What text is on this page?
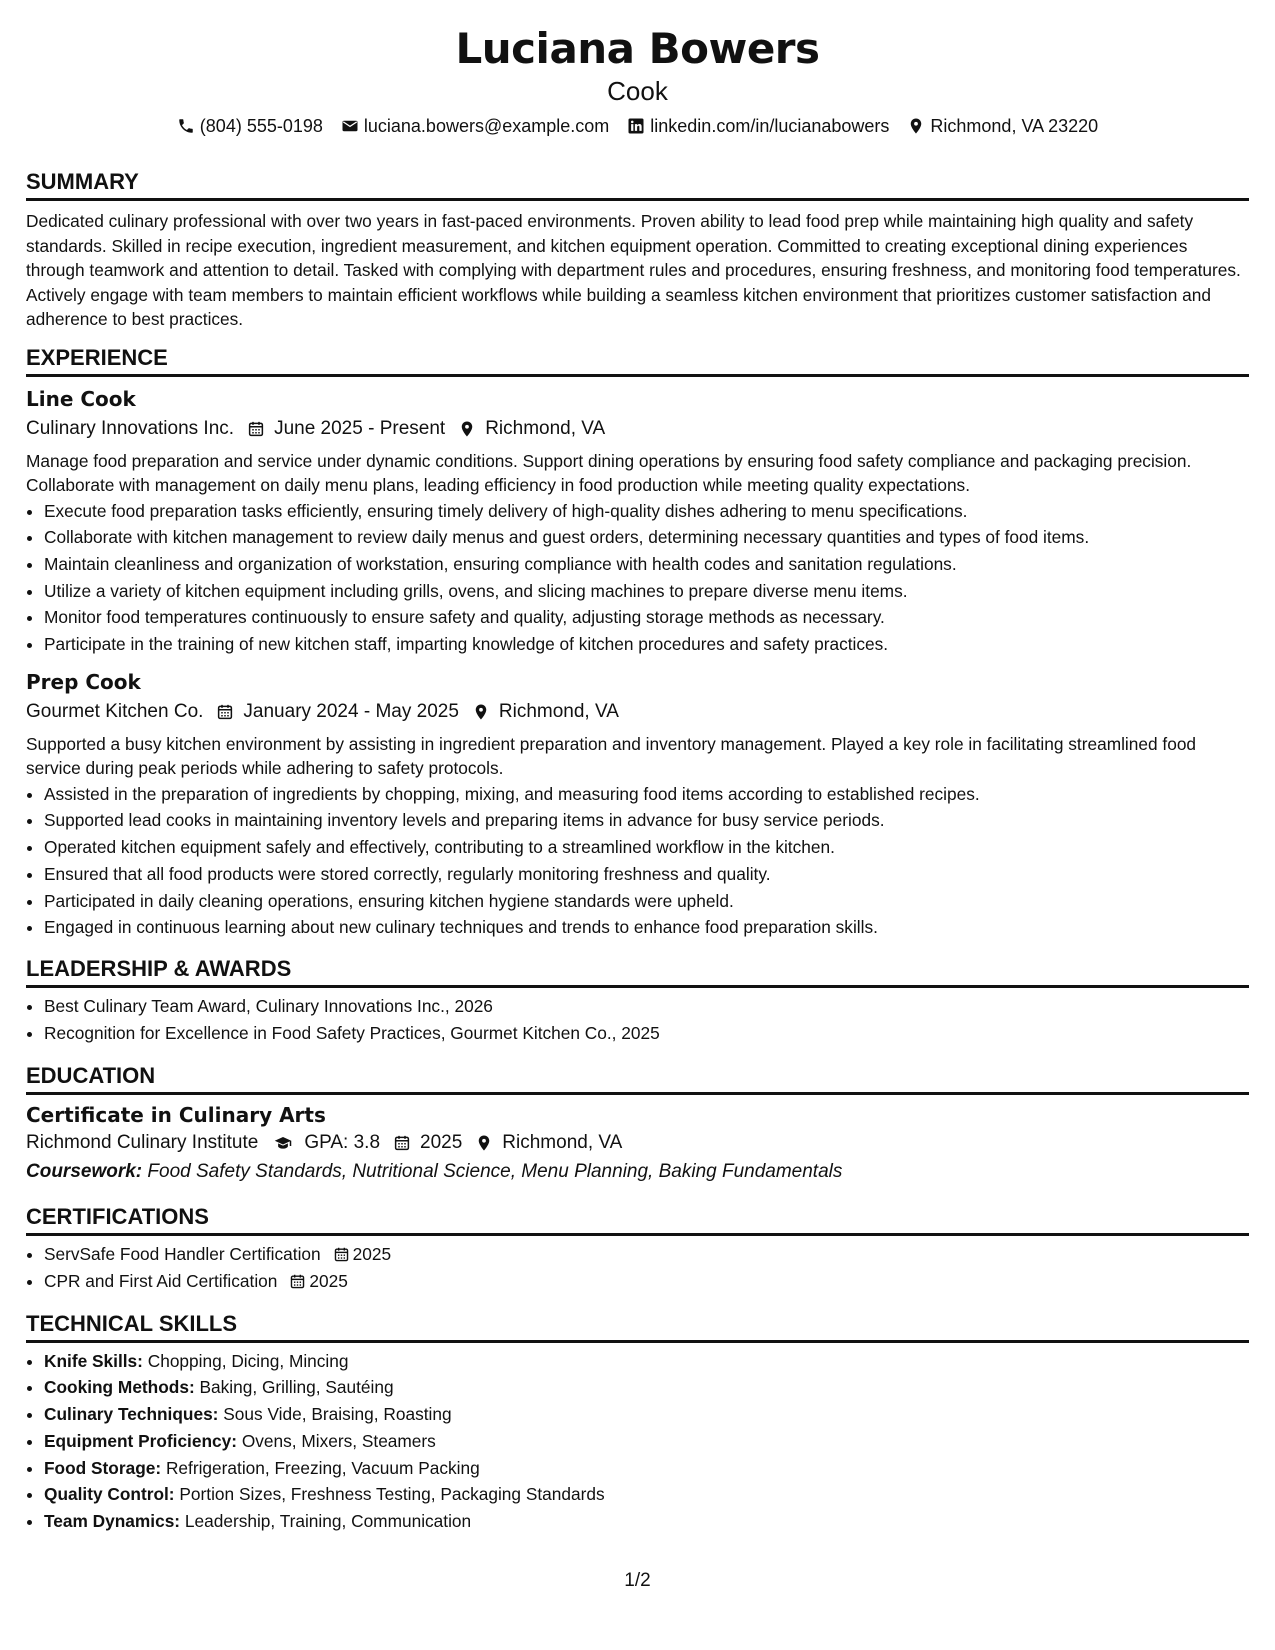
Luciana Bowers
Cook
(804) 555-0198 luciana.bowers@example.com linkedin.com/in/lucianabowers Richmond, VA 23220
SUMMARY
Dedicated culinary professional with over two years in fast-paced environments. Proven ability to lead food prep while maintaining high quality and safety standards. Skilled in recipe execution, ingredient measurement, and kitchen equipment operation. Committed to creating exceptional dining experiences through teamwork and attention to detail. Tasked with complying with department rules and procedures, ensuring freshness, and monitoring food temperatures. Actively engage with team members to maintain efficient workflows while building a seamless kitchen environment that prioritizes customer satisfaction and adherence to best practices.
EXPERIENCE
Line Cook
Culinary Innovations Inc. June 2025 - Present Richmond, VA
Manage food preparation and service under dynamic conditions. Support dining operations by ensuring food safety compliance and packaging precision. Collaborate with management on daily menu plans, leading efficiency in food production while meeting quality expectations.
• Execute food preparation tasks efficiently, ensuring timely delivery of high-quality dishes adhering to menu specifications.
• Collaborate with kitchen management to review daily menus and guest orders, determining necessary quantities and types of food items.
• Maintain cleanliness and organization of workstation, ensuring compliance with health codes and sanitation regulations.
• Utilize a variety of kitchen equipment including grills, ovens, and slicing machines to prepare diverse menu items.
• Monitor food temperatures continuously to ensure safety and quality, adjusting storage methods as necessary.
• Participate in the training of new kitchen staff, imparting knowledge of kitchen procedures and safety practices.
Prep Cook
Gourmet Kitchen Co. January 2024 - May 2025 Richmond, VA
Supported a busy kitchen environment by assisting in ingredient preparation and inventory management. Played a key role in facilitating streamlined food service during peak periods while adhering to safety protocols.
• Assisted in the preparation of ingredients by chopping, mixing, and measuring food items according to established recipes.
• Supported lead cooks in maintaining inventory levels and preparing items in advance for busy service periods.
• Operated kitchen equipment safely and effectively, contributing to a streamlined workflow in the kitchen.
• Ensured that all food products were stored correctly, regularly monitoring freshness and quality.
• Participated in daily cleaning operations, ensuring kitchen hygiene standards were upheld.
• Engaged in continuous learning about new culinary techniques and trends to enhance food preparation skills.
LEADERSHIP & AWARDS
• Best Culinary Team Award, Culinary Innovations Inc., 2026
• Recognition for Excellence in Food Safety Practices, Gourmet Kitchen Co., 2025
EDUCATION
Certificate in Culinary Arts
Richmond Culinary Institute GPA: 3.8 2025 Richmond, VA
Coursework: Food Safety Standards, Nutritional Science, Menu Planning, Baking Fundamentals
CERTIFICATIONS
• ServSafe Food Handler Certification 2025
• CPR and First Aid Certification 2025
TECHNICAL SKILLS
• Knife Skills: Chopping, Dicing, Mincing
• Cooking Methods: Baking, Grilling, Sautéing
• Culinary Techniques: Sous Vide, Braising, Roasting
• Equipment Proficiency: Ovens, Mixers, Steamers
• Food Storage: Refrigeration, Freezing, Vacuum Packing
• Quality Control: Portion Sizes, Freshness Testing, Packaging Standards
• Team Dynamics: Leadership, Training, Communication
1/2
